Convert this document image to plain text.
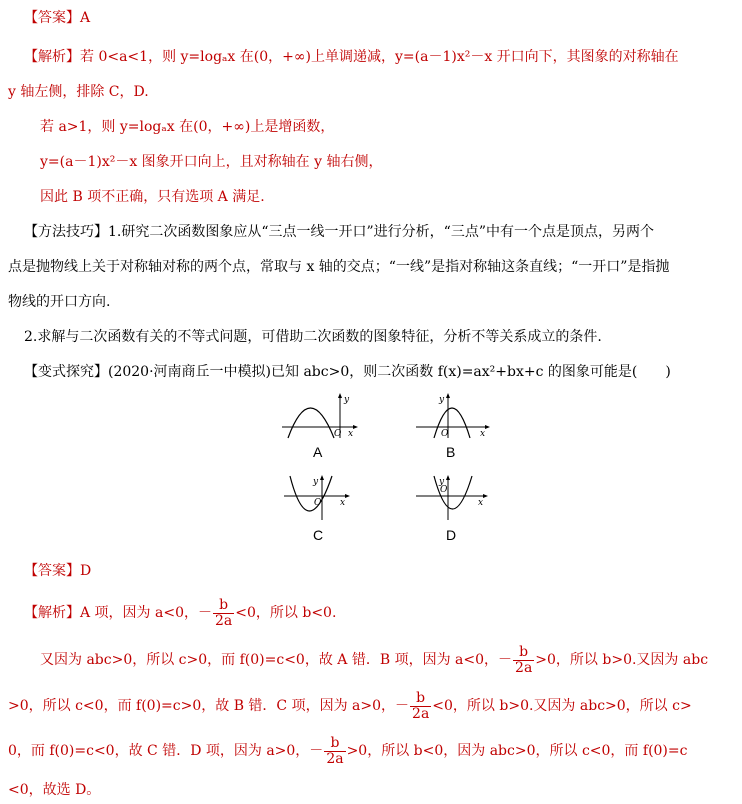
【答案】A
【解析】若 0<a<1，则 y=logₐx 在(0，+∞)上单调递减，y=(a－1)x²－x 开口向下，其图象的对称轴在
y 轴左侧，排除 C，D.
若 a>1，则 y=logₐx 在(0，+∞)上是增函数，
y=(a－1)x²－x 图象开口向上，且对称轴在 y 轴右侧，
因此 B 项不正确，只有选项 A 满足.
【方法技巧】1.研究二次函数图象应从“三点一线一开口”进行分析，“三点”中有一个点是顶点，另两个
点是抛物线上关于对称轴对称的两个点，常取与 x 轴的交点；“一线”是指对称轴这条直线；“一开口”是指抛
物线的开口方向.
2.求解与二次函数有关的不等式问题，可借助二次函数的图象特征，分析不等关系成立的条件.
【变式探究】(2020·河南商丘一中模拟)已知 abc>0，则二次函数 f(x)=ax²+bx+c 的图象可能是(　　)
y
O x
A
y
O	x
B
y
O x
C
y
O
x
D
【答案】D
【解析】A 项，因为 a<0，－ $\frac{b}{2a} <0$，所以 b<0.
又因为 abc>0，所以 c>0，而 f(0)=c<0，故 A 错．B 项，因为 a<0，－ $\frac{b}{2a} >0$，所以 b>0.又因为 abc
>0，所以 c<0，而 f(0)=c>0，故 B 错．C 项，因为 a>0，－ $\frac{b}{2a} <0$，所以 b>0.又因为 abc>0，所以 c>
0，而 f(0)=c<0，故 C 错．D 项，因为 a>0，－ $\frac{b}{2a} >0$，所以 b<0，因为 abc>0，所以 c<0，而 f(0)=c
<0，故选 D。
